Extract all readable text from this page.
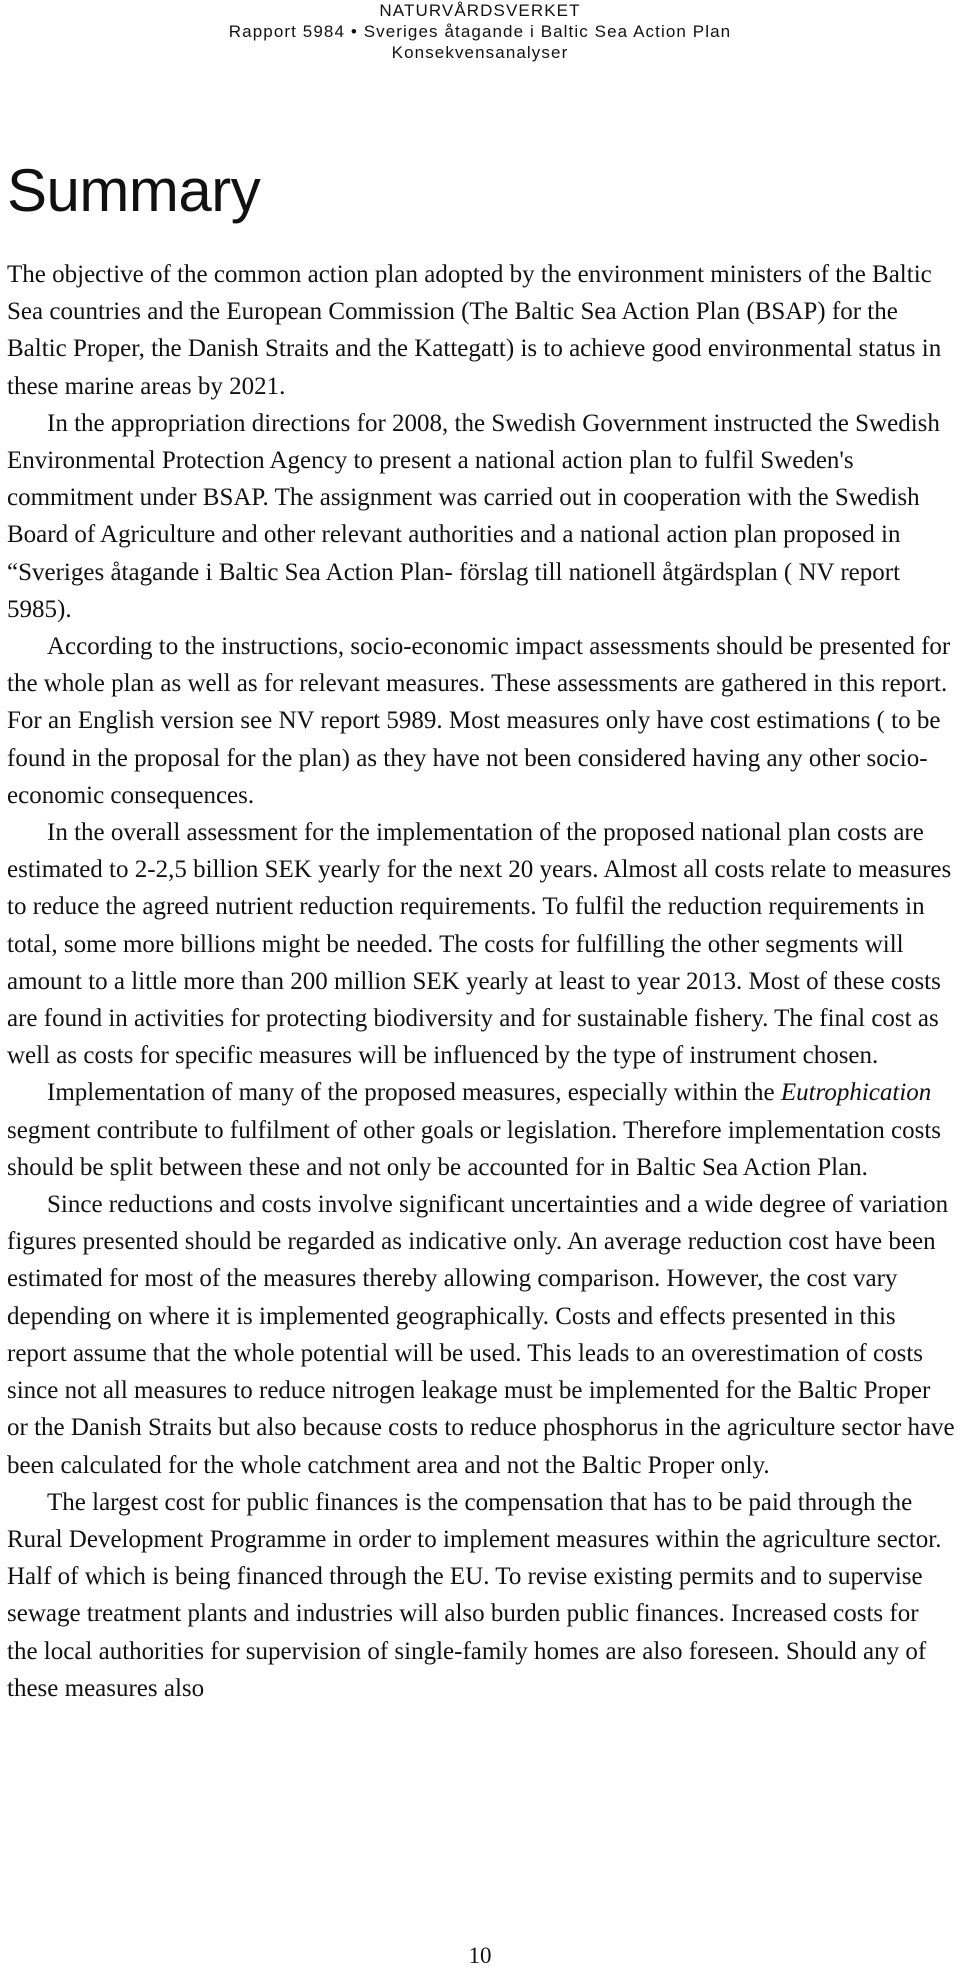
NATURVÅRDSVERKET
Rapport 5984 • Sveriges åtagande i Baltic Sea Action Plan
Konsekvensanalyser
Summary

The objective of the common action plan adopted by the environment ministers of the Baltic Sea countries and the European Commission (The Baltic Sea Action Plan (BSAP) for the Baltic Proper, the Danish Straits and the Kattegatt) is to achieve good environmental status in these marine areas by 2021.

In the appropriation directions for 2008, the Swedish Government instructed the Swedish Environmental Protection Agency to present a national action plan to fulfil Sweden's commitment under BSAP. The assignment was carried out in cooperation with the Swedish Board of Agriculture and other relevant authorities and a national action plan proposed in “Sveriges åtagande i Baltic Sea Action Plan- förslag till nationell åtgärdsplan ( NV report 5985).

According to the instructions, socio-economic impact assessments should be presented for the whole plan as well as for relevant measures. These assessments are gathered in this report. For an English version see NV report 5989. Most measures only have cost estimations ( to be found in the proposal for the plan) as they have not been considered having any other socio-economic consequences.

In the overall assessment for the implementation of the proposed national plan costs are estimated to 2-2,5 billion SEK yearly for the next 20 years. Almost all costs relate to measures to reduce the agreed nutrient reduction requirements. To fulfil the reduction requirements in total, some more billions might be needed. The costs for fulfilling the other segments will amount to a little more than 200 million SEK yearly at least to year 2013. Most of these costs are found in activities for protecting biodiversity and for sustainable fishery. The final cost as well as costs for specific measures will be influenced by the type of instrument chosen.

Implementation of many of the proposed measures, especially within the Eutrophication segment contribute to fulfilment of other goals or legislation. Therefore implementation costs should be split between these and not only be accounted for in Baltic Sea Action Plan.

Since reductions and costs involve significant uncertainties and a wide degree of variation figures presented should be regarded as indicative only. An average reduction cost have been estimated for most of the measures thereby allowing comparison. However, the cost vary depending on where it is implemented geographically. Costs and effects presented in this report assume that the whole potential will be used. This leads to an overestimation of costs since not all measures to reduce nitrogen leakage must be implemented for the Baltic Proper or the Danish Straits but also because costs to reduce phosphorus in the agriculture sector have been calculated for the whole catchment area and not the Baltic Proper only.

The largest cost for public finances is the compensation that has to be paid through the Rural Development Programme in order to implement measures within the agriculture sector. Half of which is being financed through the EU. To revise existing permits and to supervise sewage treatment plants and industries will also burden public finances. Increased costs for the local authorities for supervision of single-family homes are also foreseen. Should any of these measures also

10
